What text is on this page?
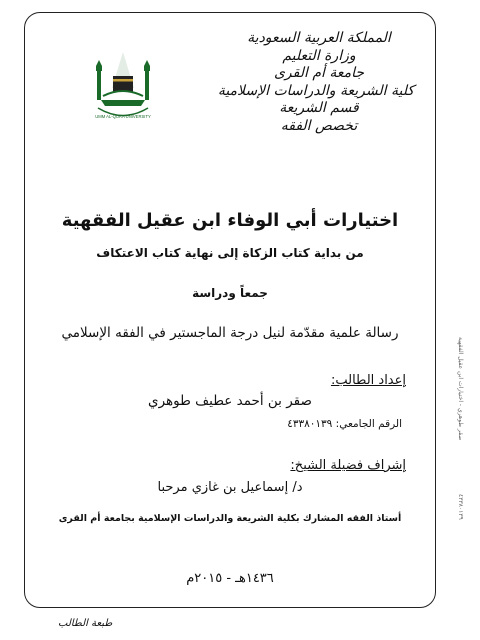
المملكة العربية السعودية
وزارة التعليم
جامعة أم القرى
كلية الشريعة والدراسات الإسلامية
قسم الشريعة
تخصص الفقه
UMM AL-QURA UNIVERSITY
اختيارات أبي الوفاء ابن عقيل الفقهية
من بداية كتاب الزكاة إلى نهاية كتاب الاعتكاف
جمعاً ودراسة
رسالة علمية مقدّمة لنيل درجة الماجستير في الفقه الإسلامي
إعداد الطالب:
صقر بن أحمد عطيف طوهري
الرقم الجامعي: ٤٣٣٨٠١٣٩
إشراف فضيلة الشيخ:
د/ إسماعيل بن غازي مرحبا
أستاذ الفقه المشارك بكلية الشريعة والدراسات الإسلامية بجامعة أم القرى
١٤٣٦هـ - ٢٠١٥م
طبعة الطالب
صقر طوهري - اختيارات ابن عقيل الفقهية
٤٣٣٨٠١٣٩
